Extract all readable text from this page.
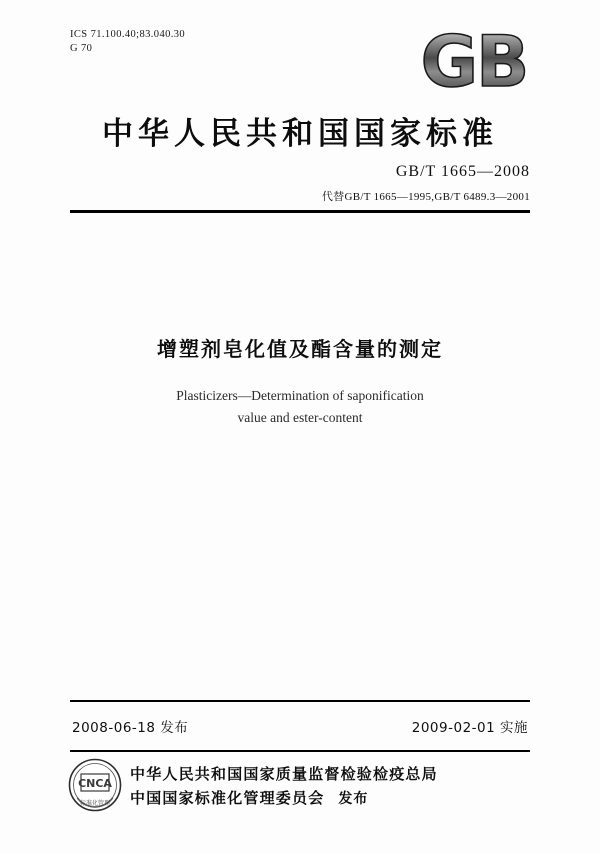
ICS 71.100.40;83.040.30
G 70	GB
中华人民共和国国家标准
GB/T 1665—2008
代替GB/T 1665—1995,GB/T 6489.3—2001
增塑剂皂化值及酯含量的测定
Plasticizers—Determination of saponification
value and ester-content
2008-06-18 发布	2009-02-01 实施
CNCA
标准化管理
中华人民共和国国家质量监督检验检疫总局
中国国家标准化管理委员会 发布
